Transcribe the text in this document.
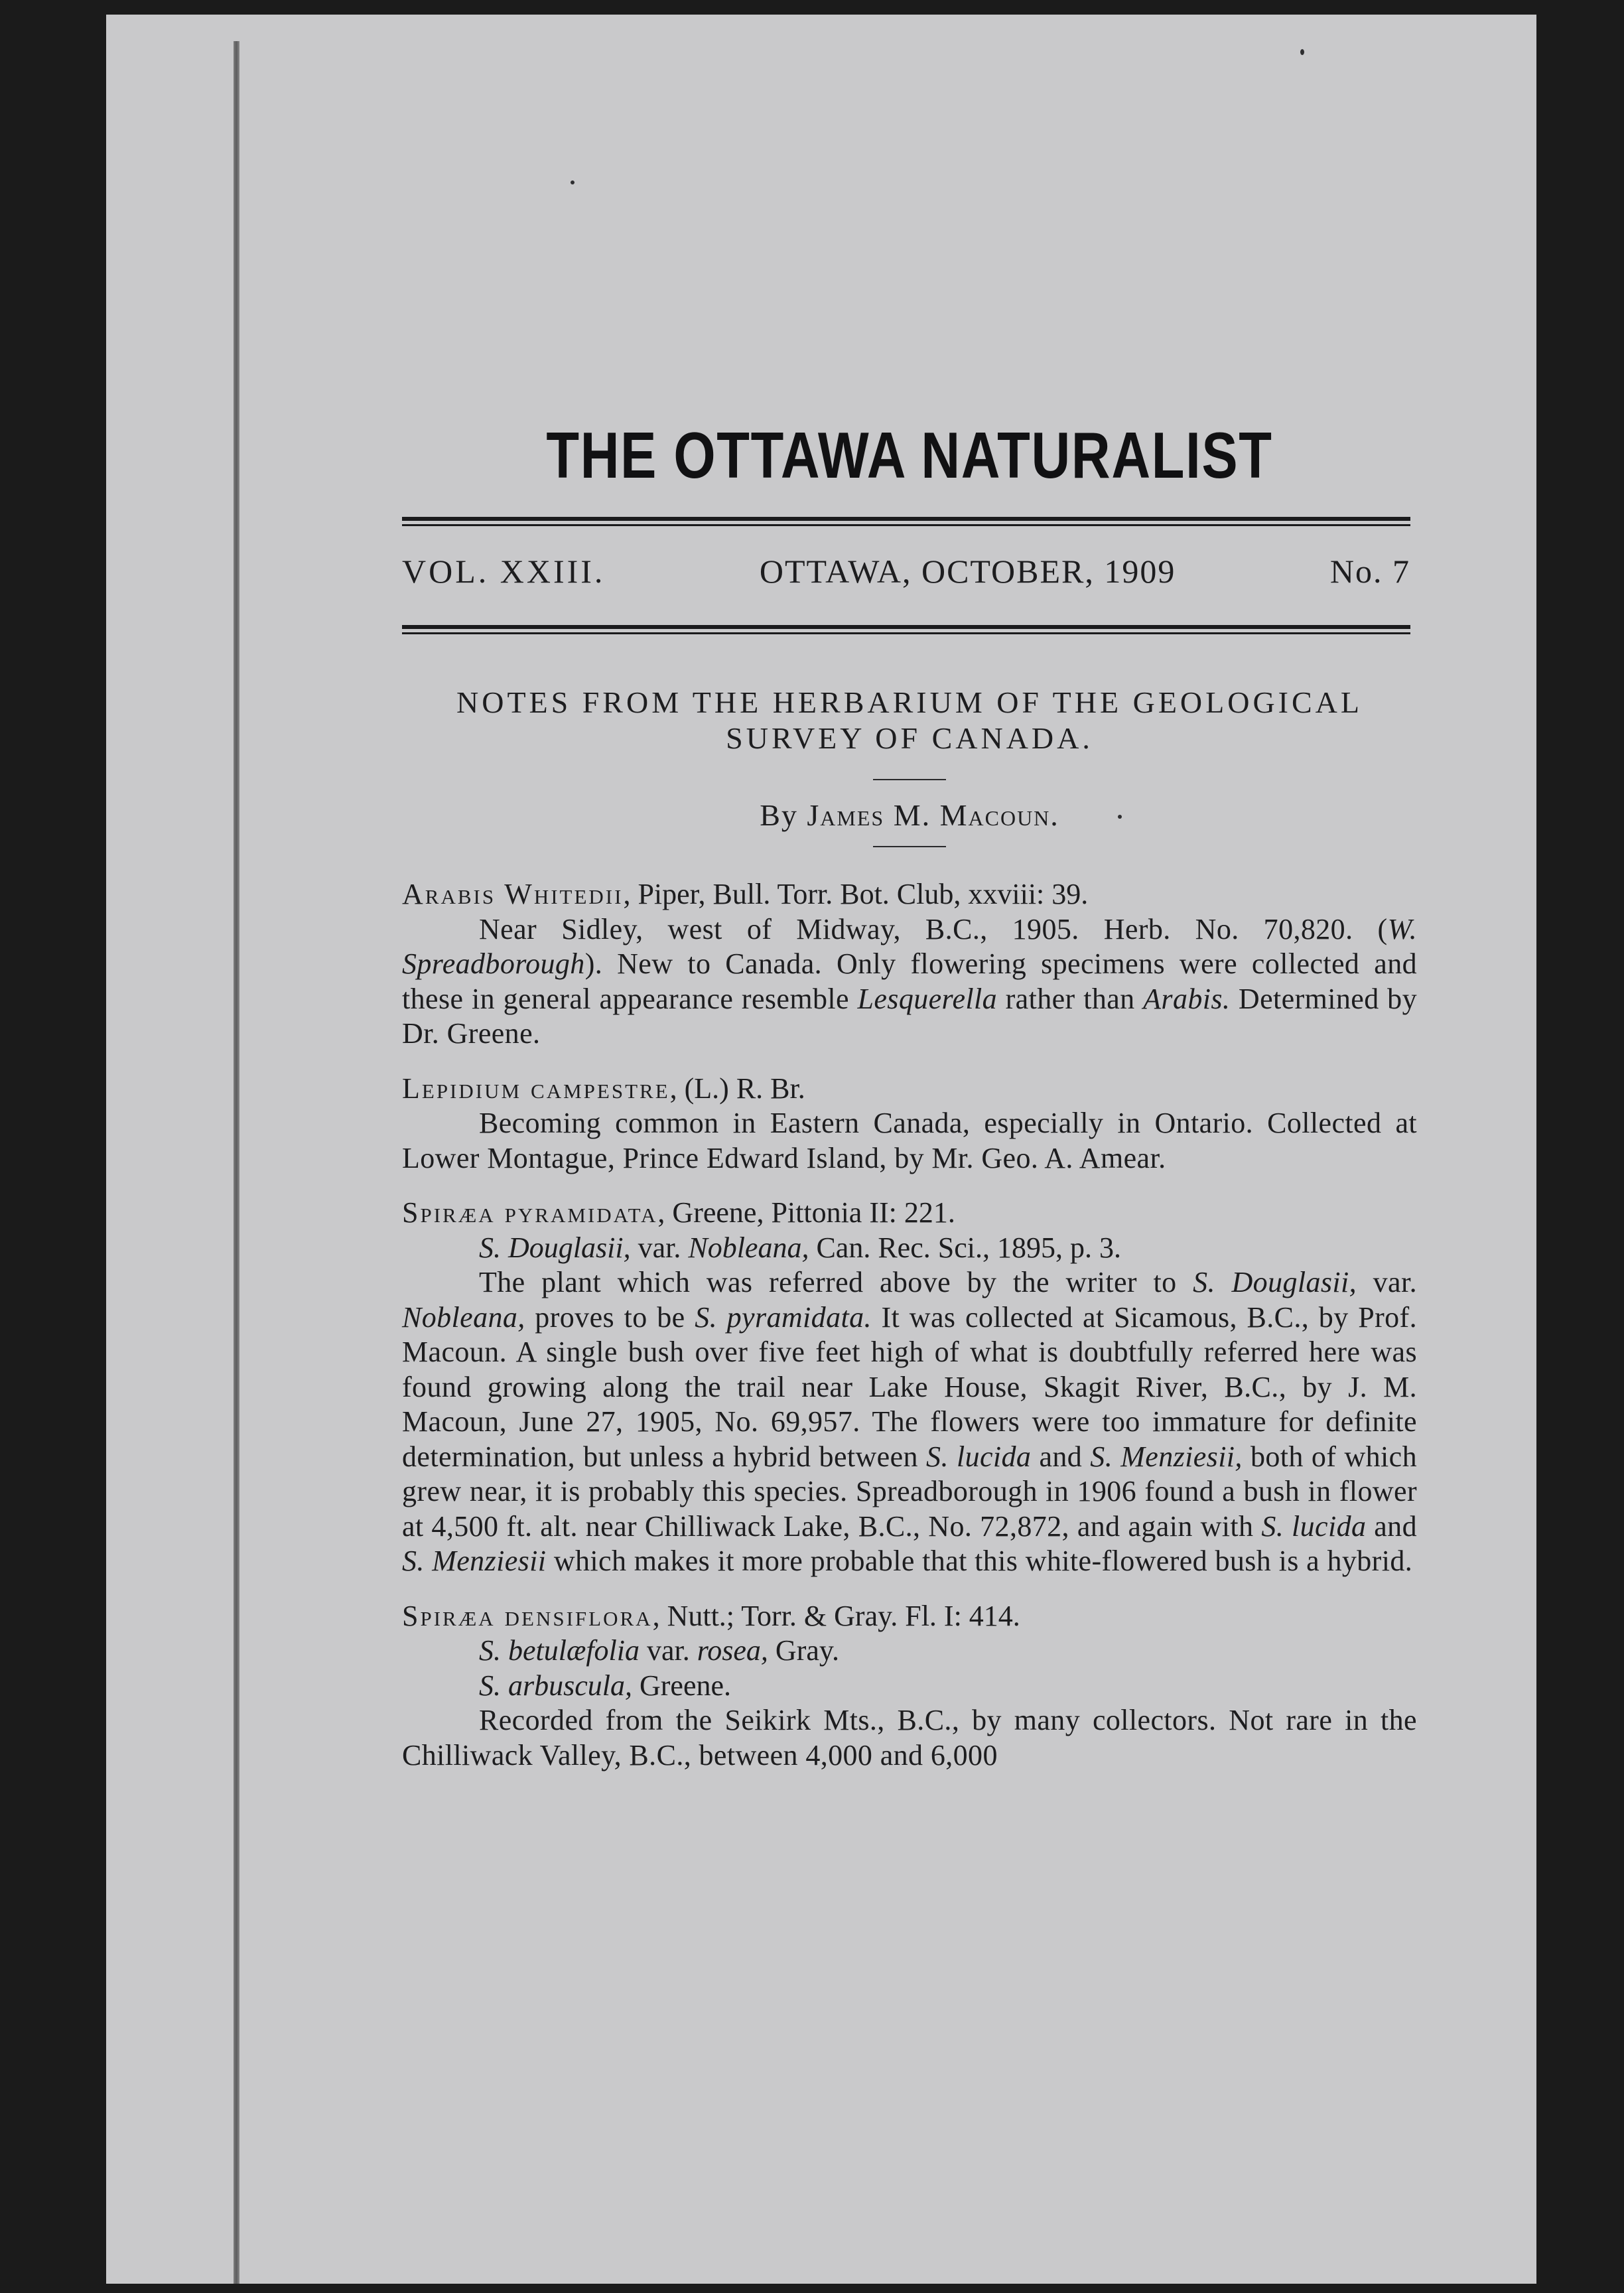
THE OTTAWA NATURALIST
VOL. XXIII.	OTTAWA, OCTOBER, 1909	No. 7
NOTES FROM THE HERBARIUM OF THE GEOLOGICAL
SURVEY OF CANADA.
By James M. Macoun.

Arabis Whitedii, Piper, Bull. Torr. Bot. Club, xxviii: 39.

Near Sidley, west of Midway, B.C., 1905. Herb. No. 70,820. (W. Spreadborough). New to Canada. Only flowering specimens were collected and these in general appearance resemble Lesquerella rather than Arabis. Determined by Dr. Greene.

Lepidium campestre, (L.) R. Br.

Becoming common in Eastern Canada, especially in Ontario. Collected at Lower Montague, Prince Edward Island, by Mr. Geo. A. Amear.

Spiræa pyramidata, Greene, Pittonia II: 221.

S. Douglasii, var. Nobleana, Can. Rec. Sci., 1895, p. 3.

The plant which was referred above by the writer to S. Douglasii, var. Nobleana, proves to be S. pyramidata. It was collected at Sicamous, B.C., by Prof. Macoun. A single bush over five feet high of what is doubtfully referred here was found growing along the trail near Lake House, Skagit River, B.C., by J. M. Macoun, June 27, 1905, No. 69,957. The flowers were too immature for definite determination, but unless a hybrid between S. lucida and S. Menziesii, both of which grew near, it is probably this species. Spreadborough in 1906 found a bush in flower at 4,500 ft. alt. near Chilliwack Lake, B.C., No. 72,872, and again with S. lucida and S. Menziesii which makes it more probable that this white-flowered bush is a hybrid.

Spiræa densiflora, Nutt.; Torr. & Gray. Fl. I: 414.

S. betulæfolia var. rosea, Gray.

S. arbuscula, Greene.

Recorded from the Seikirk Mts., B.C., by many collectors. Not rare in the Chilliwack Valley, B.C., between 4,000 and 6,000
